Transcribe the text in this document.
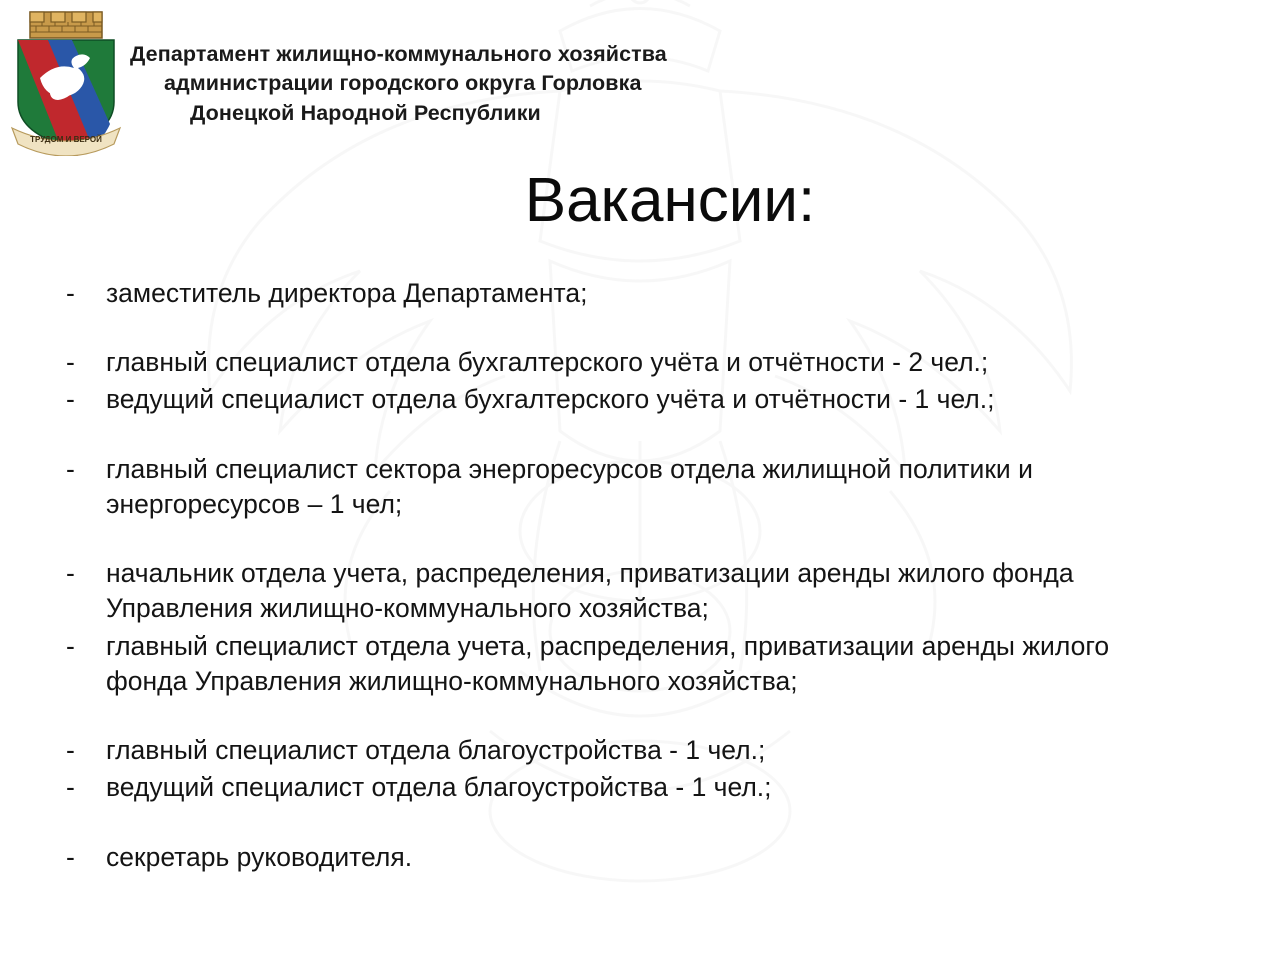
ТРУДОМ И ВЕРОЙ
Департамент жилищно-коммунального хозяйства
администрации городского округа Горловка
Донецкой Народной Республики
Вакансии:
-	заместитель директора Департамента;
-	главный специалист отдела бухгалтерского учёта и отчётности - 2 чел.;
-	ведущий специалист отдела бухгалтерского учёта и отчётности - 1 чел.;
-	главный специалист сектора энергоресурсов отдела жилищной политики и энергоресурсов – 1 чел;
-	начальник отдела учета, распределения, приватизации аренды жилого фонда Управления жилищно-коммунального хозяйства;
-	главный специалист отдела учета, распределения, приватизации аренды жилого фонда Управления жилищно-коммунального хозяйства;
-	главный специалист отдела благоустройства - 1 чел.;
-	ведущий специалист отдела благоустройства - 1 чел.;
-	секретарь руководителя.
